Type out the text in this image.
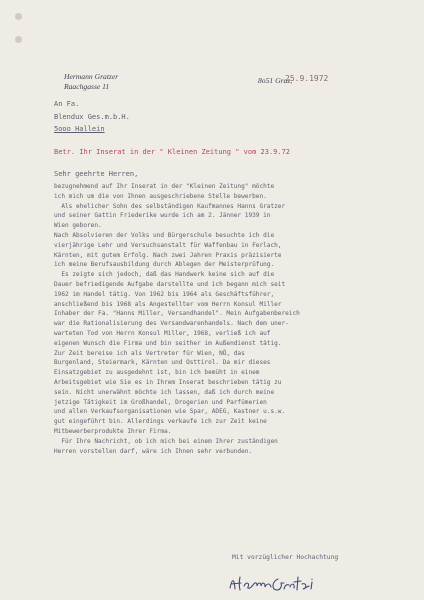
Hermann Gratzer
Raachgasse 11
8o51 Graz,
25.9.1972
An Fa.
Blendux Ges.m.b.H.
5ooo Hallein
Betr. Ihr Inserat in der " Kleinen Zeitung " vom 23.9.72
Sehr geehrte Herren,
bezugnehmend auf Ihr Inserat in der "Kleinen Zeitung" möchte
ich mich um die von Ihnen ausgeschriebene Stelle bewerben.
Als ehelicher Sohn des selbständigen Kaufmannes Hanns Gratzer
und seiner Gattin Friederike wurde ich am 2. Jänner 1939 in
Wien geboren.
Nach Absolvieren der Volks und Bürgerschule besuchte ich die
vierjährige Lehr und Versuchsanstalt für Waffenbau in Ferlach,
Kärnten, mit gutem Erfolg. Nach zwei Jahren Praxis präzisierte
ich meine Berufsausbildung durch Ablegen der Meisterprüfung.
Es zeigte sich jedoch, daß das Handwerk keine sich auf die
Dauer befriedigende Aufgabe darstellte und ich begann mich seit
1962 im Handel tätig. Von 1962 bis 1964 als Geschäftsführer,
anschließend bis 1968 als Angestellter vom Herrn Konsul Miller
Inhaber der Fa. "Hanns Miller, Versandhandel". Mein Aufgabenbereich
war die Rationalisierung des Versandwarenhandels. Nach dem uner-
warteten Tod von Herrn Konsul Miller, 1968, verließ ich auf
eigenen Wunsch die Firma und bin seither im Außendienst tätig.
Zur Zeit bereise ich als Vertreter für Wien, NÖ, das
Burgenland, Steiermark, Kärnten und Osttirol. Da mir dieses
Einsatzgebiet zu ausgedehnt ist, bin ich bemüht in einem
Arbeitsgebiet wie Sie es in Ihrem Inserat beschrieben tätig zu
sein. Nicht unerwähnt möchte ich lassen, daß ich durch meine
jetzige Tätigkeit im Großhandel, Drogerien und Parfümerien
und allen Verkaufsorganisationen wie Spar, ADEG, Kastner u.s.w.
gut eingeführt bin. Allerdings verkaufe ich zur Zeit keine
Mitbewerberprodukte Ihrer Firma.
Für Ihre Nachricht, ob ich mich bei einem Ihrer zuständigen
Herren vorstellen darf, wäre ich Ihnen sehr verbunden.
Mit vorzüglicher Hochachtung
